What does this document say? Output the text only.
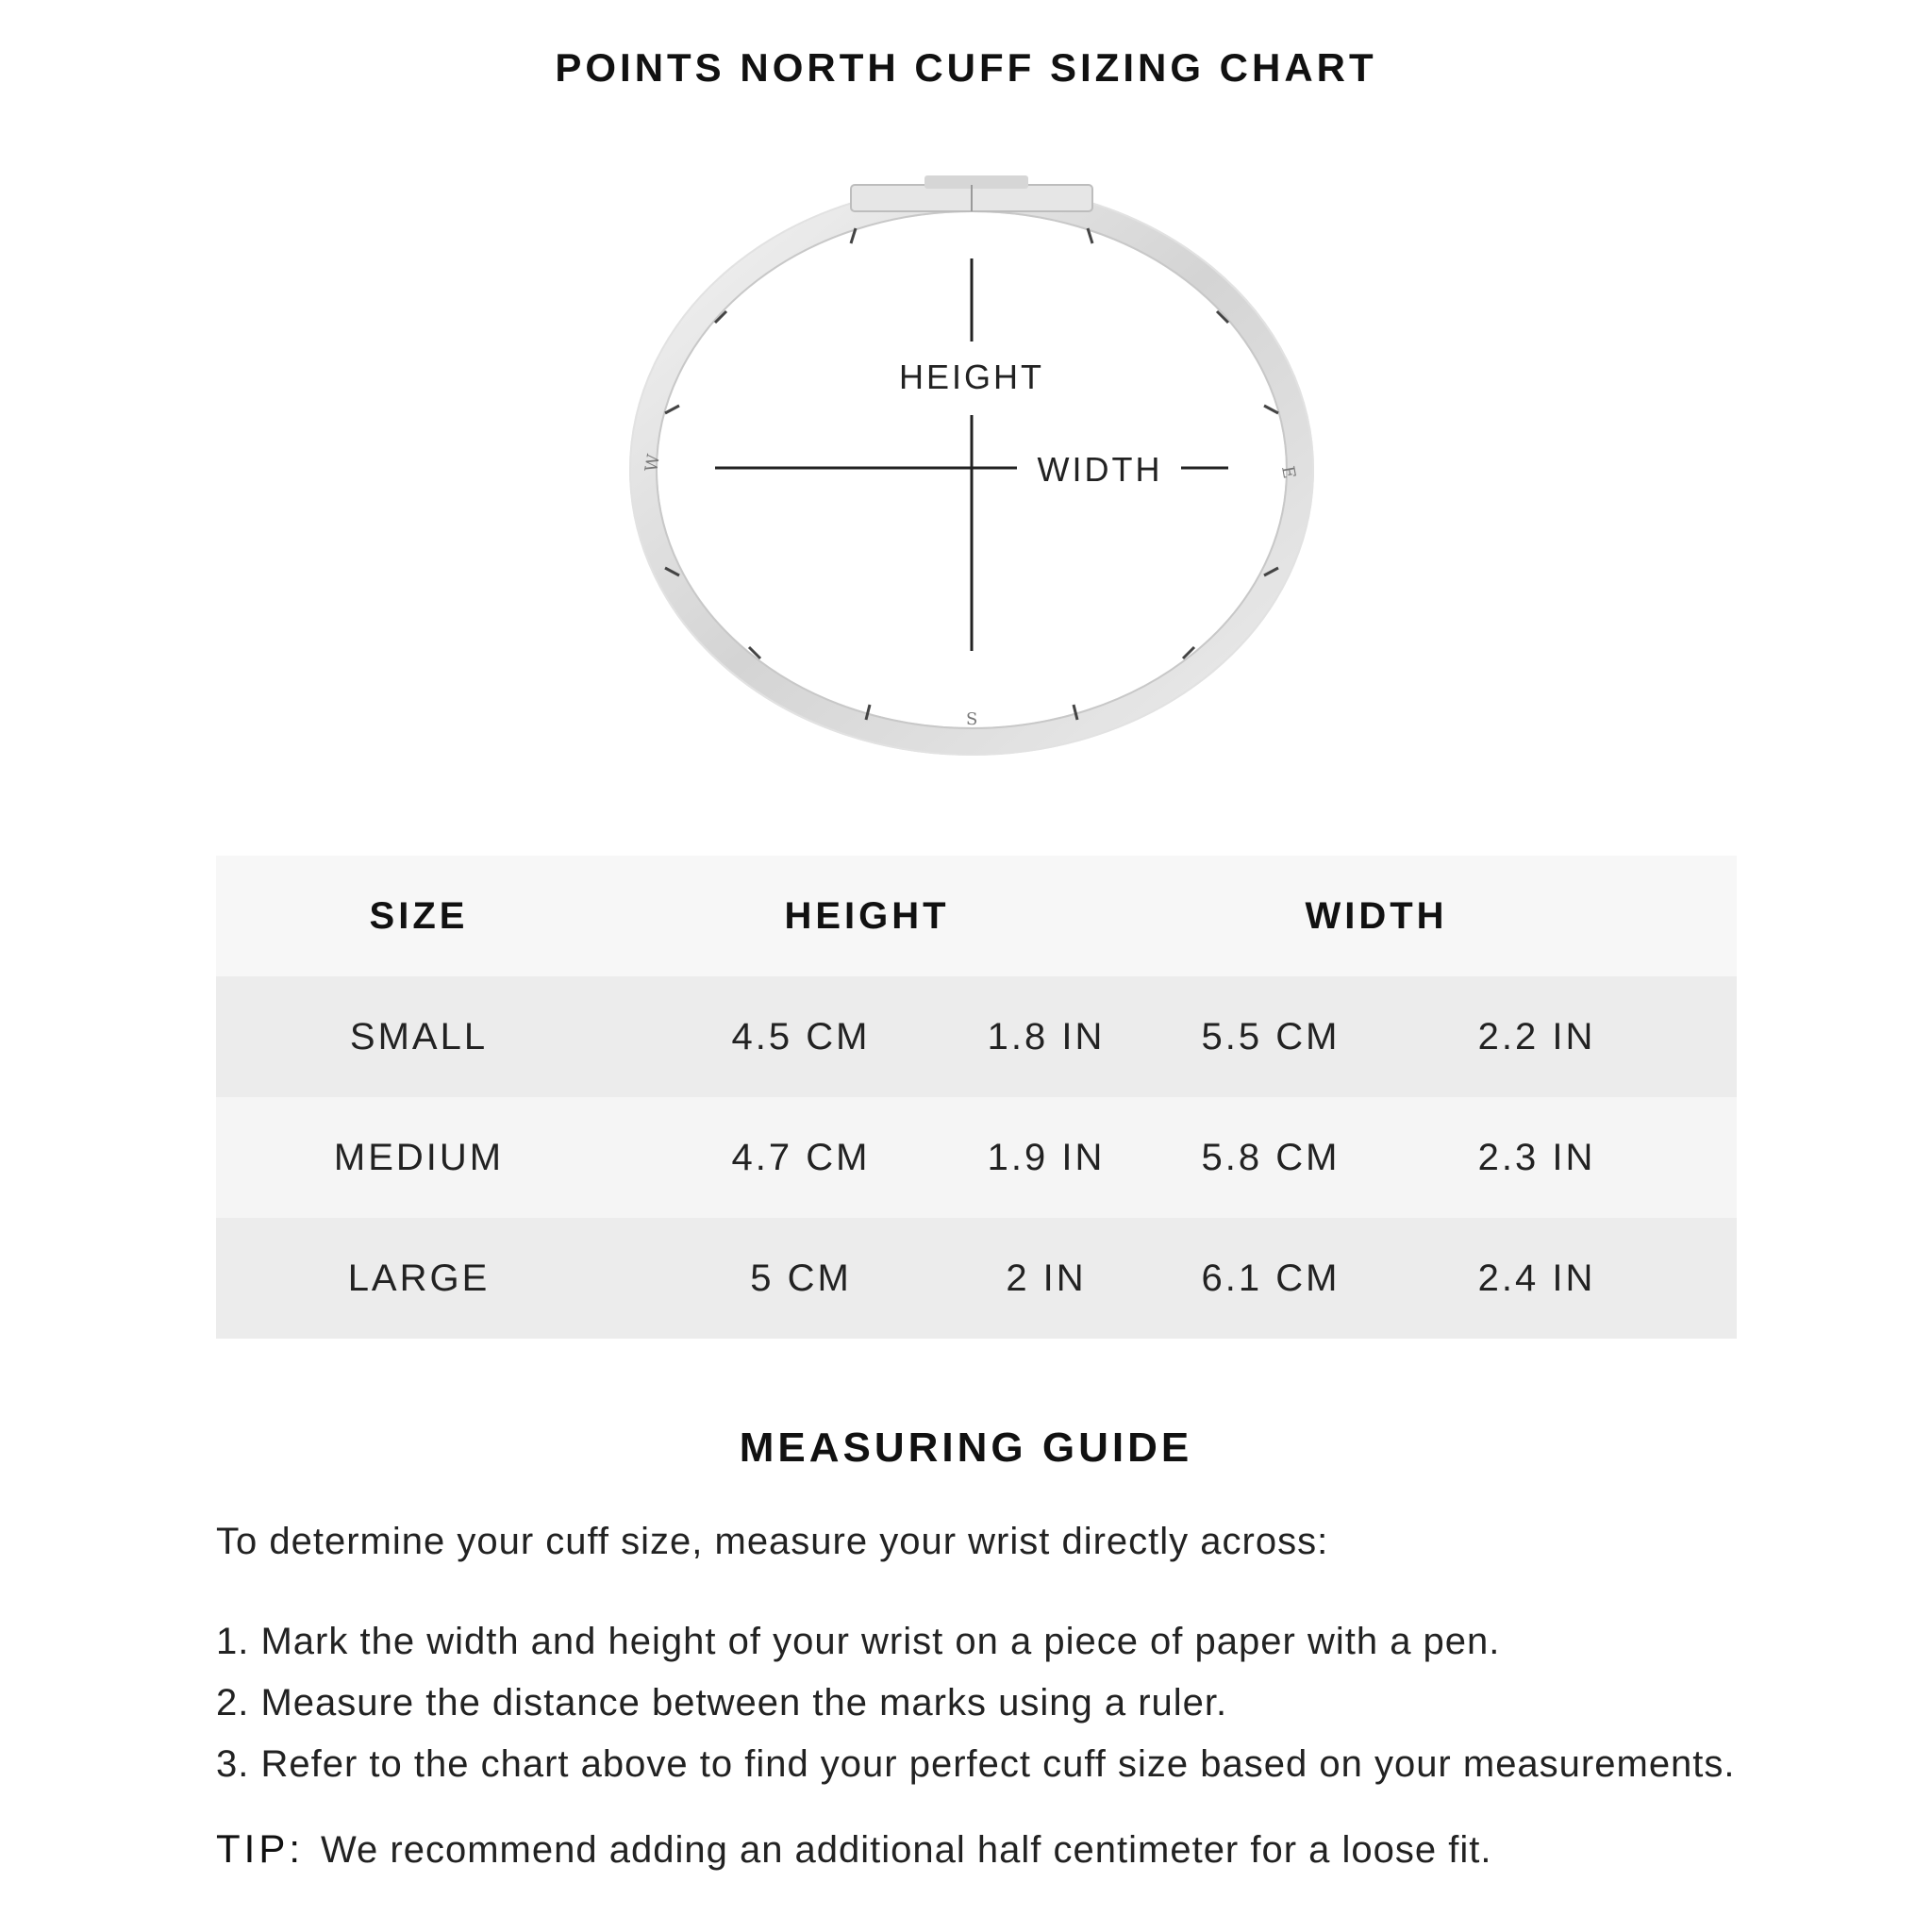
POINTS NORTH CUFF SIZING CHART
W	E
S
HEIGHT
WIDTH
SIZE	HEIGHT	WIDTH
SMALL	4.5 CM	1.8 IN	5.5 CM	2.2 IN
MEDIUM	4.7 CM	1.9 IN	5.8 CM	2.3 IN
LARGE	5 CM	2 IN	6.1 CM	2.4 IN
MEASURING GUIDE
To determine your cuff size, measure your wrist directly across:
1. Mark the width and height of your wrist on a piece of paper with a pen.
2. Measure the distance between the marks using a ruler.
3. Refer to the chart above to find your perfect cuff size based on your measurements.
TIP: We recommend adding an additional half centimeter for a loose fit.
